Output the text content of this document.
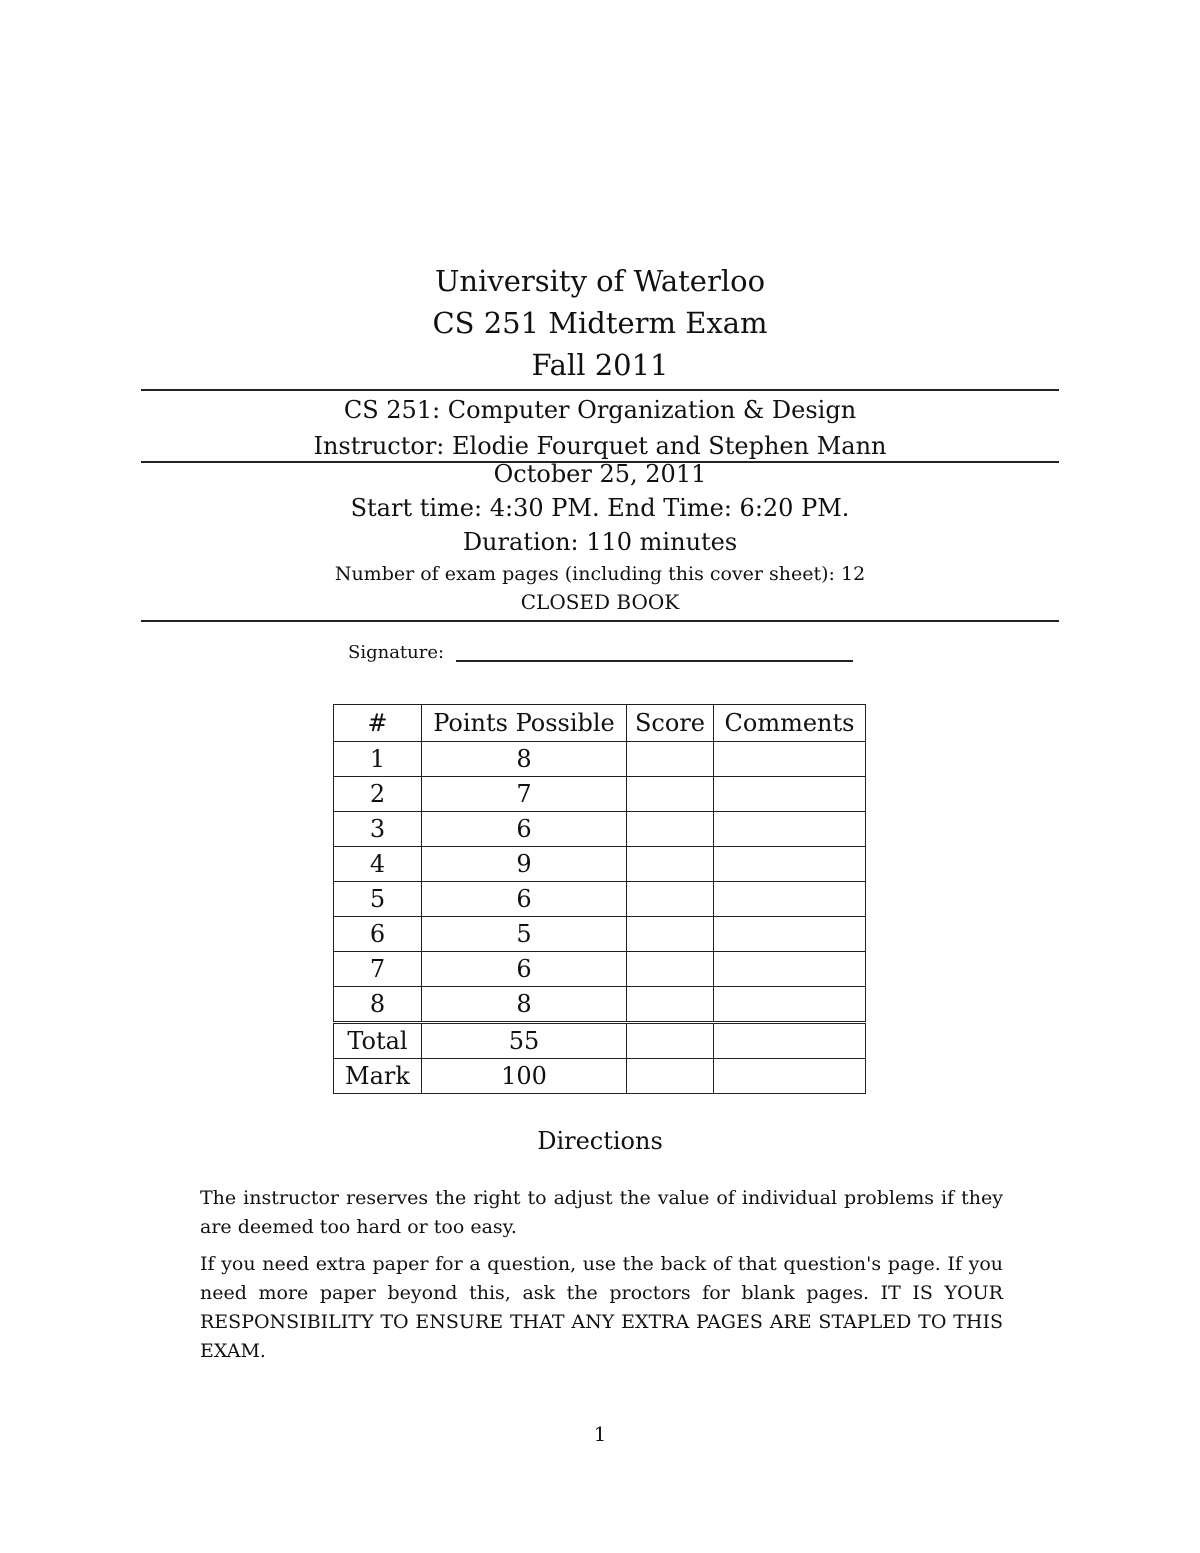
University of Waterloo
CS 251 Midterm Exam
Fall 2011
CS 251: Computer Organization & Design
Instructor: Elodie Fourquet and Stephen Mann
October 25, 2011
Start time: 4:30 PM. End Time: 6:20 PM.
Duration: 110 minutes
Number of exam pages (including this cover sheet): 12
CLOSED BOOK
Signature:
#	Points Possible	Score	Comments
1	8		
2	7		
3	6		
4	9		
5	6		
6	5		
7	6		
8	8		
Total	55		
Mark	100		
Directions
The instructor reserves the right to adjust the value of individual problems if they are deemed too hard or too easy.
If you need extra paper for a question, use the back of that question's page. If you need more paper beyond this, ask the proctors for blank pages. IT IS YOUR RESPONSIBILITY TO ENSURE THAT ANY EXTRA PAGES ARE STAPLED TO THIS EXAM.
1
